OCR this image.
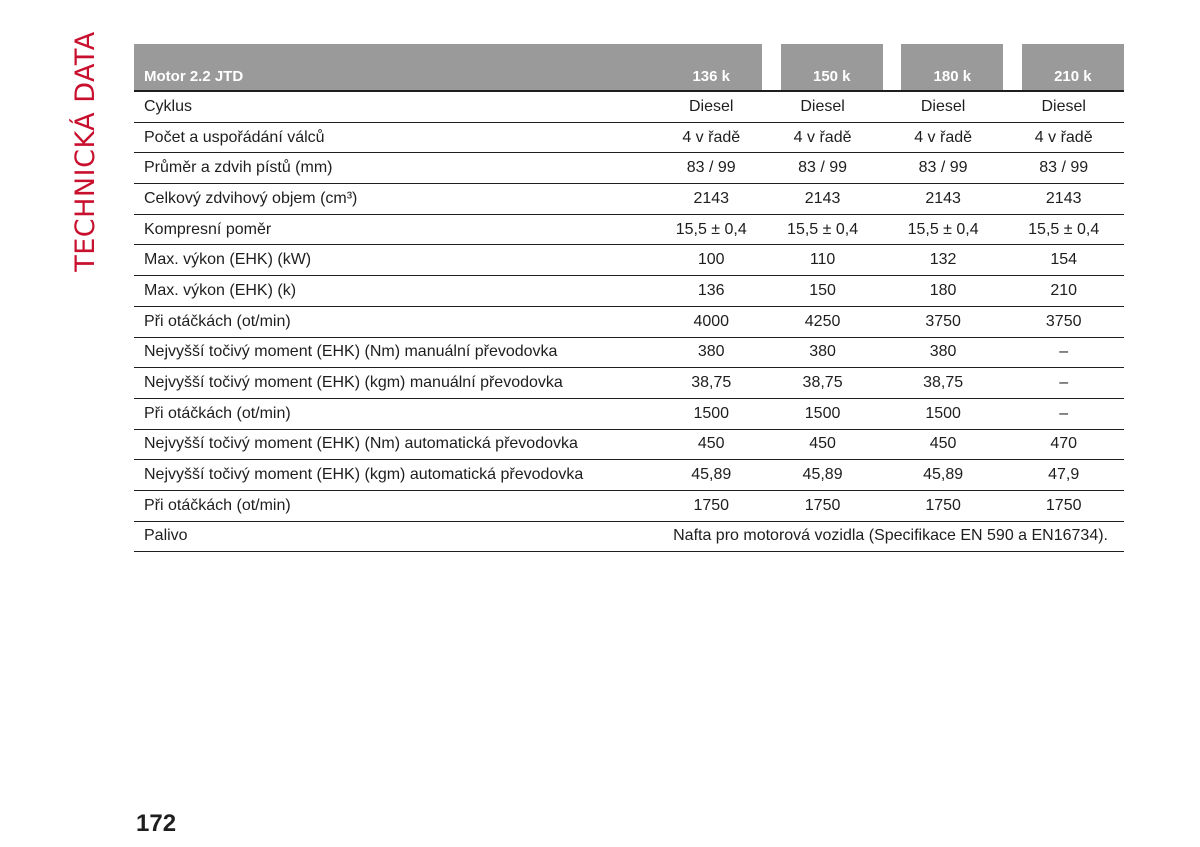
TECHNICKÁ DATA	Motor 2.2 JTD	136 k		150 k		180 k		210 k
Cyklus	Diesel	Diesel		Diesel		Diesel	
Počet a uspořádání válců	4 v řadě	4 v řadě		4 v řadě		4 v řadě	
Průměr a zdvih pístů (mm)	83 / 99	83 / 99		83 / 99		83 / 99	
Celkový zdvihový objem (cm³)	2143	2143		2143		2143	
Kompresní poměr	15,5 ± 0,4	15,5 ± 0,4		15,5 ± 0,4		15,5 ± 0,4	
Max. výkon (EHK) (kW)	100	110		132		154	
Max. výkon (EHK) (k)	136	150		180		210	
Při otáčkách (ot/min)	4000	4250		3750		3750	
Nejvyšší točivý moment (EHK) (Nm) manuální převodovka	380	380		380		–	
Nejvyšší točivý moment (EHK) (kgm) manuální převodovka	38,75	38,75		38,75		–	
Při otáčkách (ot/min)	1500	1500		1500		–	
Nejvyšší točivý moment (EHK) (Nm) automatická převodovka	450	450		450		470	
Nejvyšší točivý moment (EHK) (kgm) automatická převodovka	45,89	45,89		45,89		47,9	
Při otáčkách (ot/min)	1750	1750		1750		1750	
Palivo	Nafta pro motorová vozidla (Specifikace EN 590 a EN16734).						
172
